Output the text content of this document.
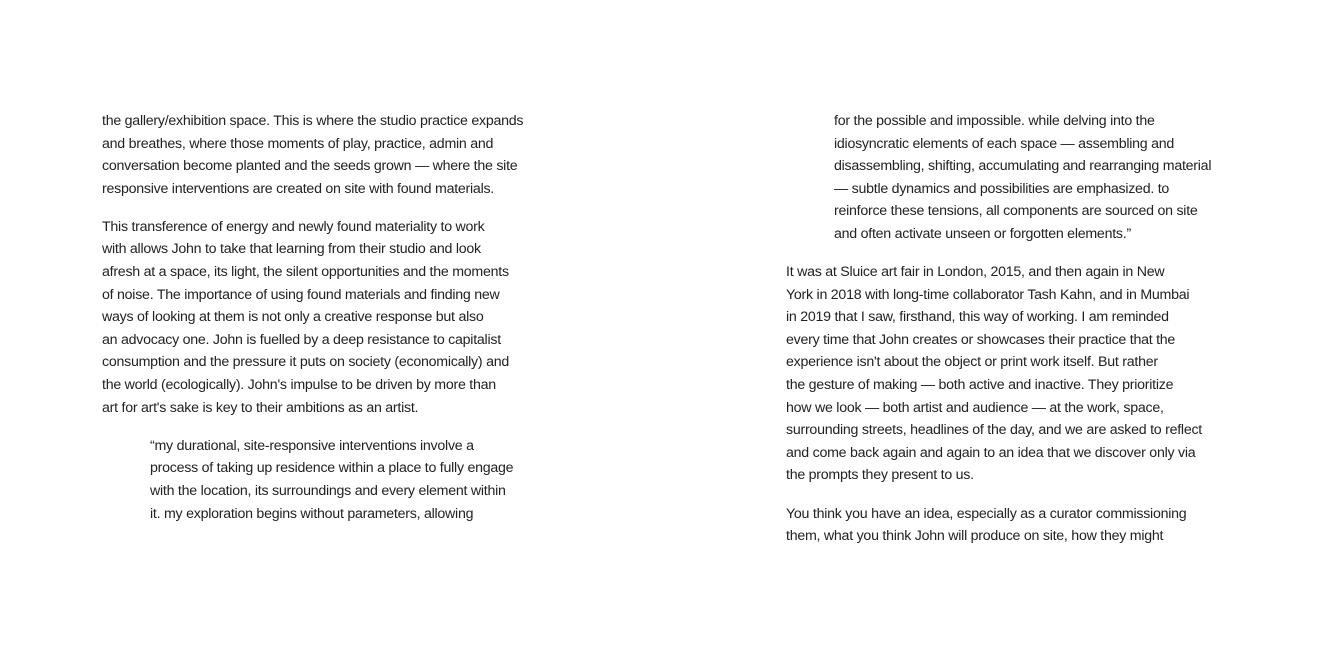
the gallery/exhibition space. This is where the studio practice expands
and breathes, where those moments of play, practice, admin and
conversation become planted and the seeds grown — where the site
responsive interventions are created on site with found materials.

This transference of energy and newly found materiality to work
with allows John to take that learning from their studio and look
afresh at a space, its light, the silent opportunities and the moments
of noise. The importance of using found materials and finding new
ways of looking at them is not only a creative response but also
an advocacy one. John is fuelled by a deep resistance to capitalist
consumption and the pressure it puts on society (economically) and
the world (ecologically). John's impulse to be driven by more than
art for art's sake is key to their ambitions as an artist.

“my durational, site-responsive interventions involve a
process of taking up residence within a place to fully engage
with the location, its surroundings and every element within
it. my exploration begins without parameters, allowing

for the possible and impossible. while delving into the
idiosyncratic elements of each space — assembling and
disassembling, shifting, accumulating and rearranging material
— subtle dynamics and possibilities are emphasized. to
reinforce these tensions, all components are sourced on site
and often activate unseen or forgotten elements.”

It was at Sluice art fair in London, 2015, and then again in New
York in 2018 with long-time collaborator Tash Kahn, and in Mumbai
in 2019 that I saw, firsthand, this way of working. I am reminded
every time that John creates or showcases their practice that the
experience isn't about the object or print work itself. But rather
the gesture of making — both active and inactive. They prioritize
how we look — both artist and audience — at the work, space,
surrounding streets, headlines of the day, and we are asked to reflect
and come back again and again to an idea that we discover only via
the prompts they present to us.

You think you have an idea, especially as a curator commissioning
them, what you think John will produce on site, how they might
